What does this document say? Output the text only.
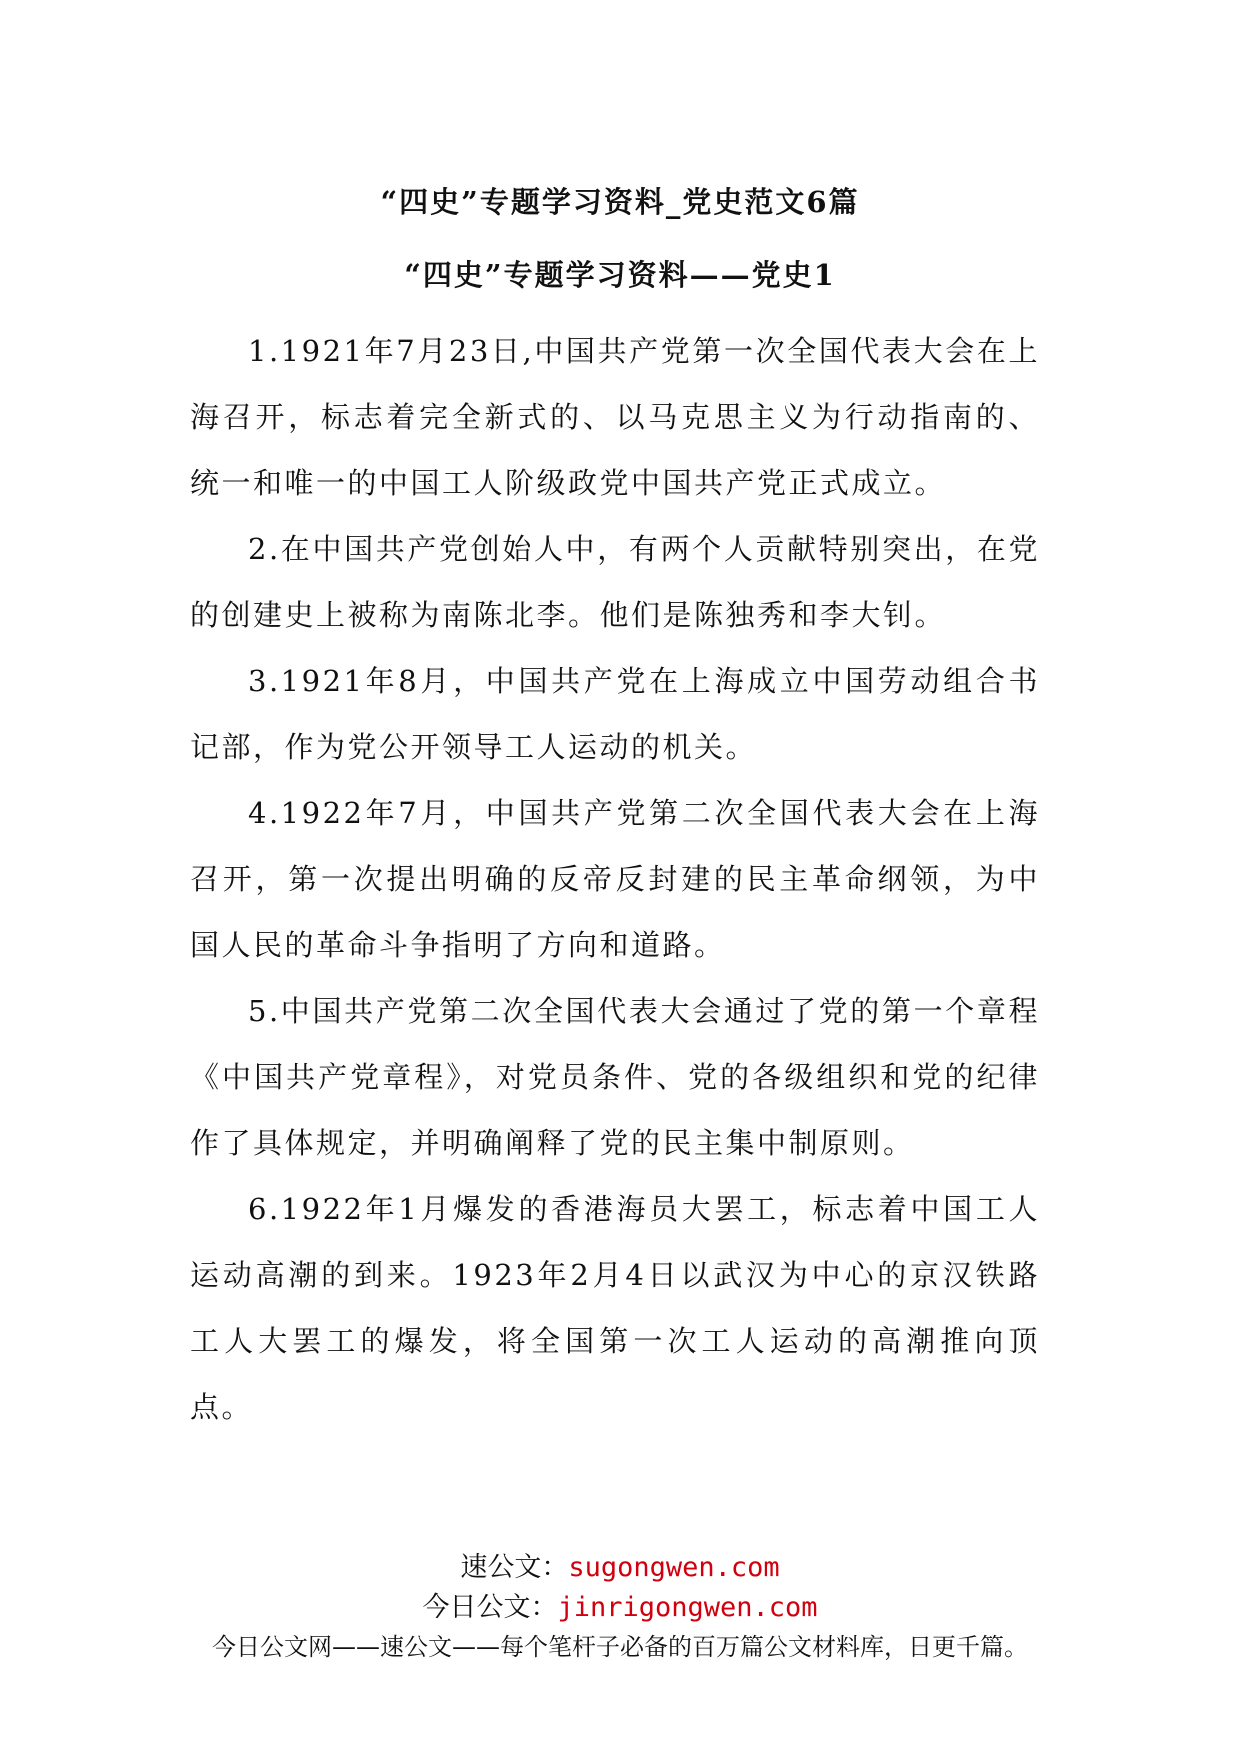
“四史”专题学习资料_党史范文6篇
“四史”专题学习资料——党史1

1.1921年7月23日,中国共产党第一次全国代表大会在上海召开，标志着完全新式的、以马克思主义为行动指南的、统一和唯一的中国工人阶级政党中国共产党正式成立。

2.在中国共产党创始人中，有两个人贡献特别突出，在党的创建史上被称为南陈北李。他们是陈独秀和李大钊。

3.1921年8月，中国共产党在上海成立中国劳动组合书记部，作为党公开领导工人运动的机关。

4.1922年7月，中国共产党第二次全国代表大会在上海召开，第一次提出明确的反帝反封建的民主革命纲领，为中国人民的革命斗争指明了方向和道路。

5.中国共产党第二次全国代表大会通过了党的第一个章程《中国共产党章程》，对党员条件、党的各级组织和党的纪律作了具体规定，并明确阐释了党的民主集中制原则。

6.1922年1月爆发的香港海员大罢工，标志着中国工人运动高潮的到来。1923年2月4日以武汉为中心的京汉铁路工人大罢工的爆发，将全国第一次工人运动的高潮推向顶点。

速公文：sugongwen.com
今日公文：jinrigongwen.com
今日公文网——速公文——每个笔杆子必备的百万篇公文材料库，日更千篇。
